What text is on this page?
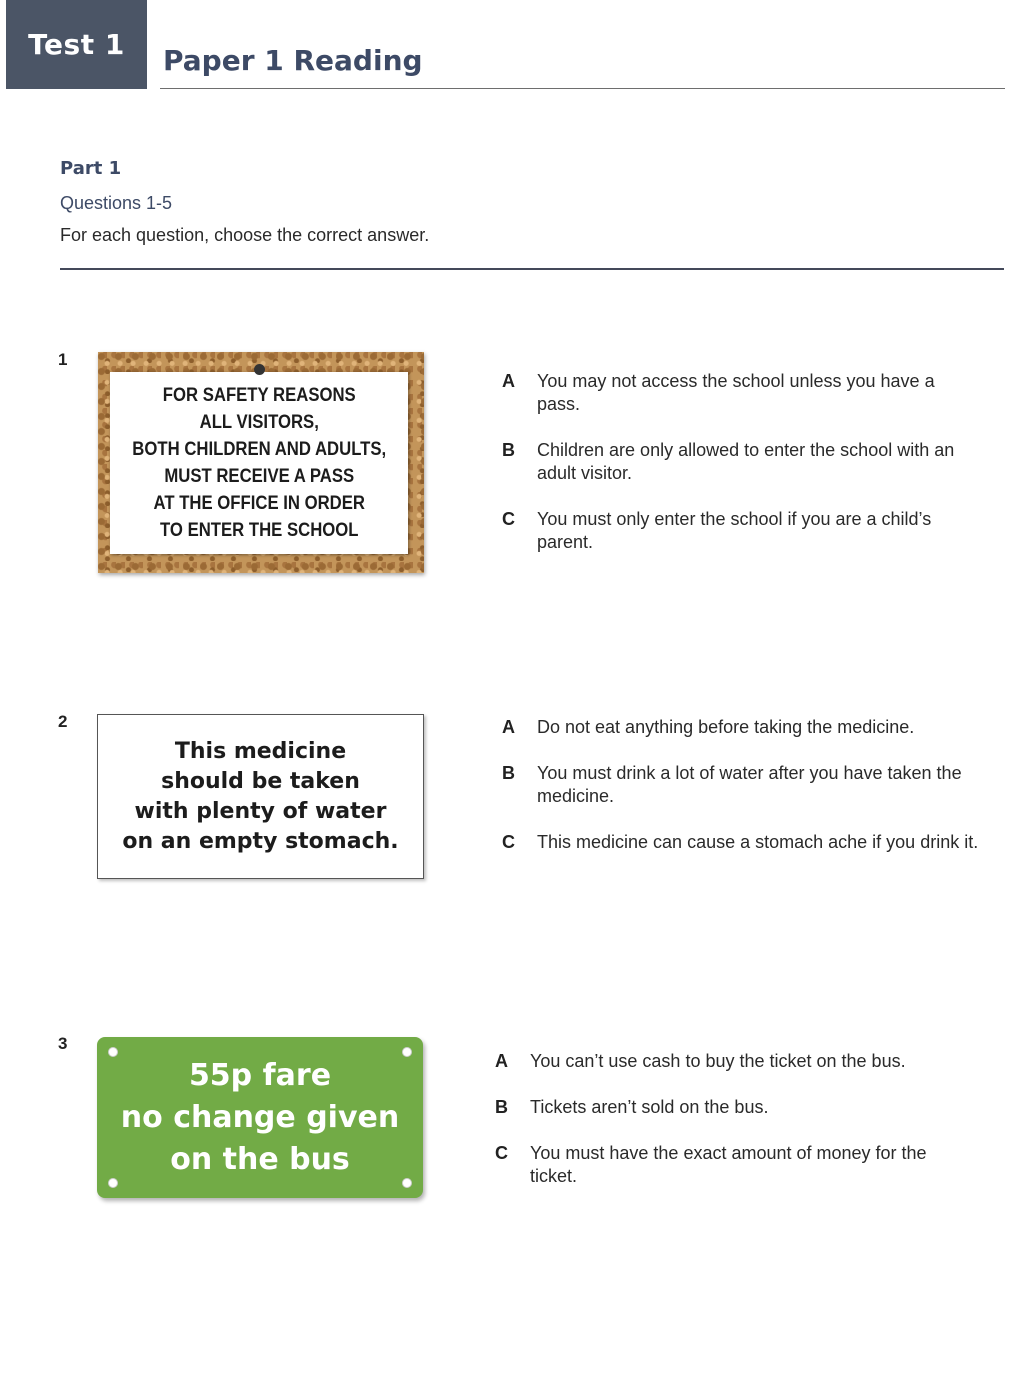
Test 1	Paper 1 Reading
Part 1
Questions 1-5
For each question, choose the correct answer.
1
FOR SAFETY REASONS
ALL VISITORS,
BOTH CHILDREN AND ADULTS,
MUST RECEIVE A PASS
AT THE OFFICE IN ORDER
TO ENTER THE SCHOOL
A You may not access the school unless you have a pass.
B Children are only allowed to enter the school with an adult visitor.
C You must only enter the school if you are a child’s parent.
2
This medicine
should be taken
with plenty of water
on an empty stomach.
A Do not eat anything before taking the medicine.
B You must drink a lot of water after you have taken the medicine.
C This medicine can cause a stomach ache if you drink it.
3
55p fare
no change given
on the bus
A You can’t use cash to buy the ticket on the bus.
B Tickets aren’t sold on the bus.
C You must have the exact amount of money for the ticket.
